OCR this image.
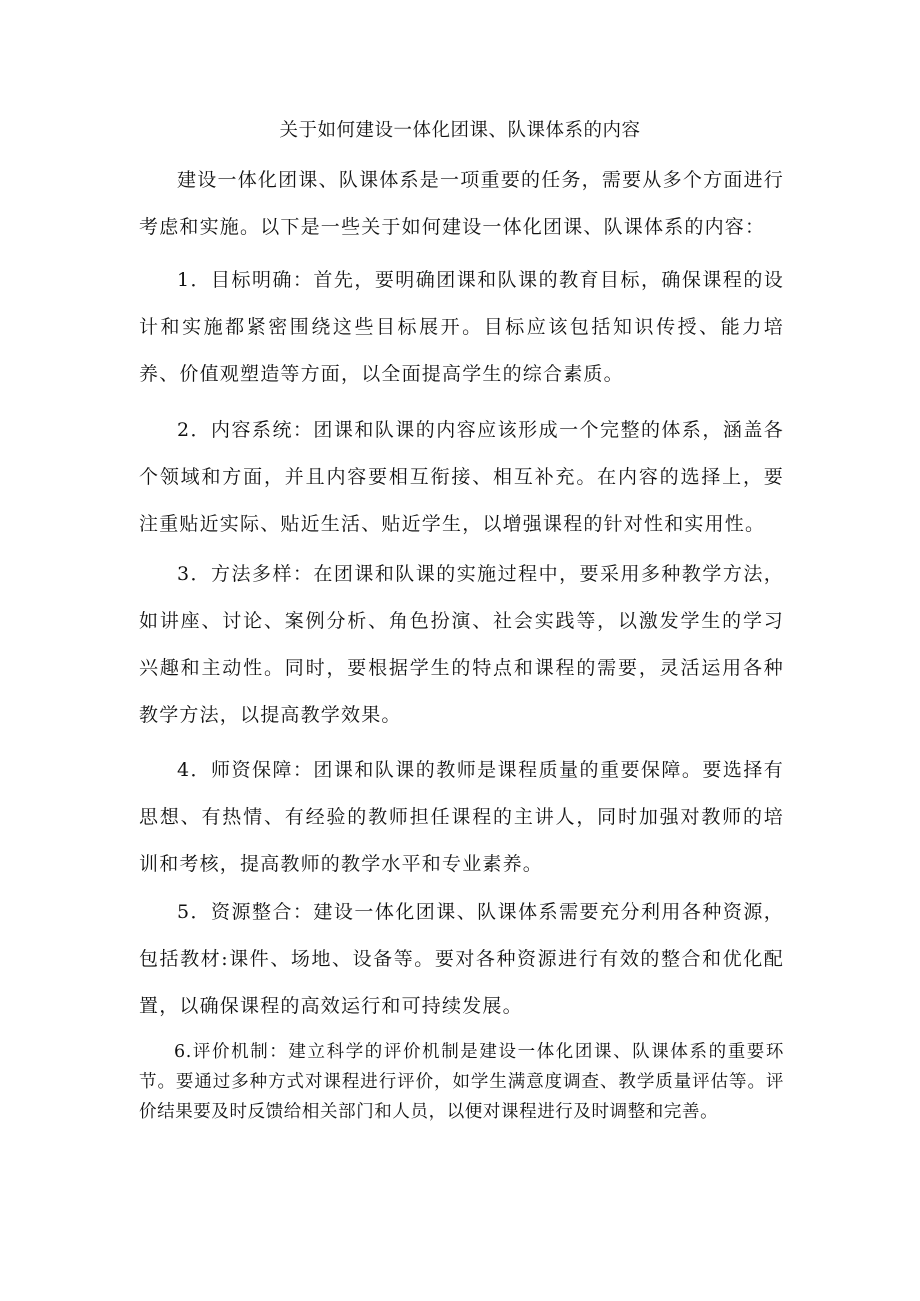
关于如何建设一体化团课、队课体系的内容

建设一体化团课、队课体系是一项重要的任务，需要从多个方面进行考虑和实施。以下是一些关于如何建设一体化团课、队课体系的内容：

1．目标明确：首先，要明确团课和队课的教育目标，确保课程的设计和实施都紧密围绕这些目标展开。目标应该包括知识传授、能力培养、价值观塑造等方面，以全面提高学生的综合素质。

2．内容系统：团课和队课的内容应该形成一个完整的体系，涵盖各个领域和方面，并且内容要相互衔接、相互补充。在内容的选择上，要注重贴近实际、贴近生活、贴近学生，以增强课程的针对性和实用性。

3．方法多样：在团课和队课的实施过程中，要采用多种教学方法，如讲座、讨论、案例分析、角色扮演、社会实践等，以激发学生的学习兴趣和主动性。同时，要根据学生的特点和课程的需要，灵活运用各种教学方法，以提高教学效果。

4．师资保障：团课和队课的教师是课程质量的重要保障。要选择有思想、有热情、有经验的教师担任课程的主讲人，同时加强对教师的培训和考核，提高教师的教学水平和专业素养。

5．资源整合：建设一体化团课、队课体系需要充分利用各种资源，包括教材:课件、场地、设备等。要对各种资源进行有效的整合和优化配置，以确保课程的高效运行和可持续发展。

6.评价机制：建立科学的评价机制是建设一体化团课、队课体系的重要环节。要通过多种方式对课程进行评价，如学生满意度调查、教学质量评估等。评价结果要及时反馈给相关部门和人员，以便对课程进行及时调整和完善。
